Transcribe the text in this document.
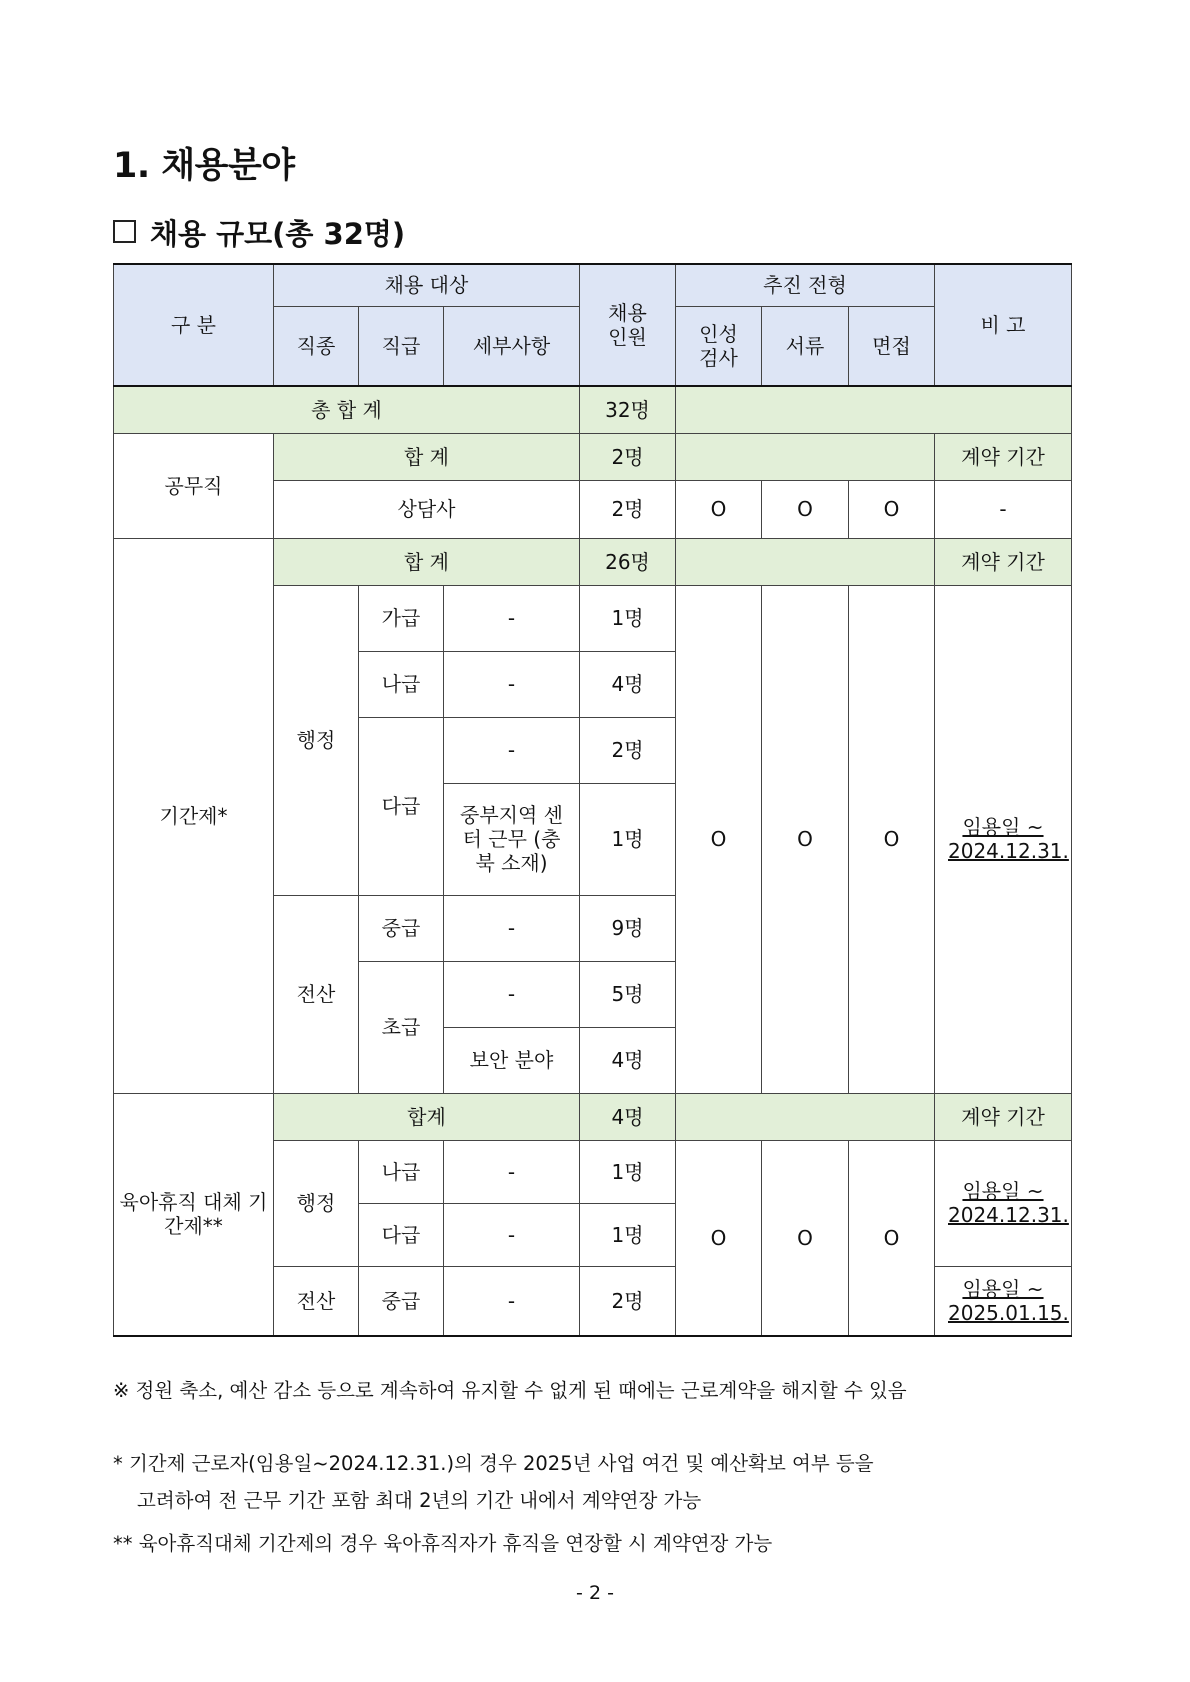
1. 채용분야
채용 규모(총 32명)
구 분	채용 대상			채용 인원	추진 전형			비 고
	직종	직급	세부사항		인성 검사	서류	면접	
총 합 계				32명				
공무직	합 계			2명				계약 기간
	상담사			2명	O	O	O	-
기간제*	합 계			26명				계약 기간
	행정	가급	-	1명	O	O	O	임용일 ~ 2024.12.31.

		나급	-	4명				
		다급	-	2명				

			중부지역 센터 근무 (충북 소재)	1명				
	전산	중급	-	9명				
		초급	-	5명				
			보안 분야	4명				

육아휴직 대체 기간제**	합계			4명				계약 기간
	행정	나급	-	1명	O	O	O	임용일 ~ 2024.12.31.

		다급	-	1명				
	전산	중급	-	2명				임용일 ~ 2025.01.15.
※ 정원 축소, 예산 감소 등으로 계속하여 유지할 수 없게 된 때에는 근로계약을 해지할 수 있음
* 기간제 근로자(임용일~2024.12.31.)의 경우 2025년 사업 여건 및 예산확보 여부 등을
고려하여 전 근무 기간 포함 최대 2년의 기간 내에서 계약연장 가능
** 육아휴직대체 기간제의 경우 육아휴직자가 휴직을 연장할 시 계약연장 가능
- 2 -
